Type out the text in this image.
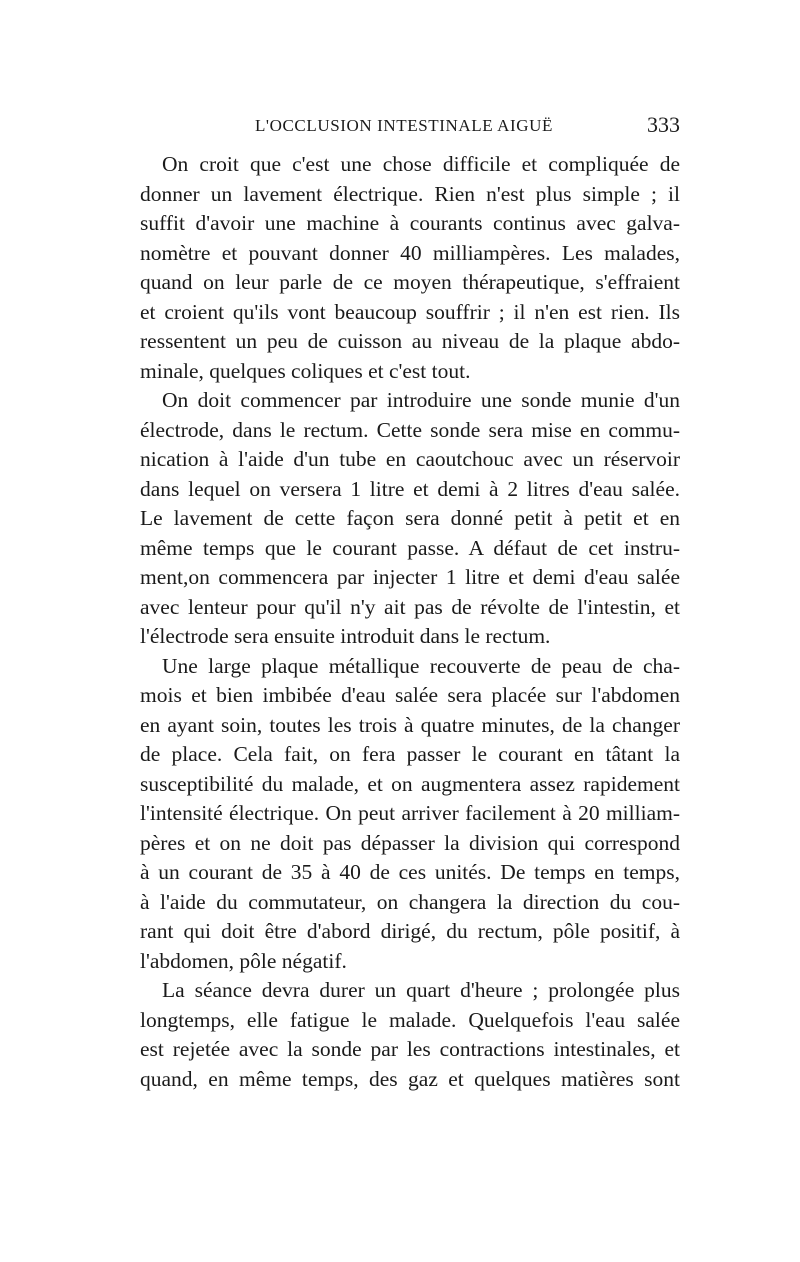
L'OCCLUSION INTESTINALE AIGUË	333

On croit que c'est une chose difficile et compliquée de
donner un lavement électrique. Rien n'est plus simple ; il
suffit d'avoir une machine à courants continus avec galva-
nomètre et pouvant donner 40 milliampères. Les malades,
quand on leur parle de ce moyen thérapeutique, s'effraient
et croient qu'ils vont beaucoup souffrir ; il n'en est rien. Ils
ressentent un peu de cuisson au niveau de la plaque abdo-
minale, quelques coliques et c'est tout.

On doit commencer par introduire une sonde munie d'un
électrode, dans le rectum. Cette sonde sera mise en commu-
nication à l'aide d'un tube en caoutchouc avec un réservoir
dans lequel on versera 1 litre et demi à 2 litres d'eau salée.
Le lavement de cette façon sera donné petit à petit et en
même temps que le courant passe. A défaut de cet instru-
ment,on commencera par injecter 1 litre et demi d'eau salée
avec lenteur pour qu'il n'y ait pas de révolte de l'intestin, et
l'électrode sera ensuite introduit dans le rectum.

Une large plaque métallique recouverte de peau de cha-
mois et bien imbibée d'eau salée sera placée sur l'abdomen
en ayant soin, toutes les trois à quatre minutes, de la changer
de place. Cela fait, on fera passer le courant en tâtant la
susceptibilité du malade, et on augmentera assez rapidement
l'intensité électrique. On peut arriver facilement à 20 milliam-
pères et on ne doit pas dépasser la division qui correspond
à un courant de 35 à 40 de ces unités. De temps en temps,
à l'aide du commutateur, on changera la direction du cou-
rant qui doit être d'abord dirigé, du rectum, pôle positif, à
l'abdomen, pôle négatif.

La séance devra durer un quart d'heure ; prolongée plus
longtemps, elle fatigue le malade. Quelquefois l'eau salée
est rejetée avec la sonde par les contractions intestinales, et
quand, en même temps, des gaz et quelques matières sont
